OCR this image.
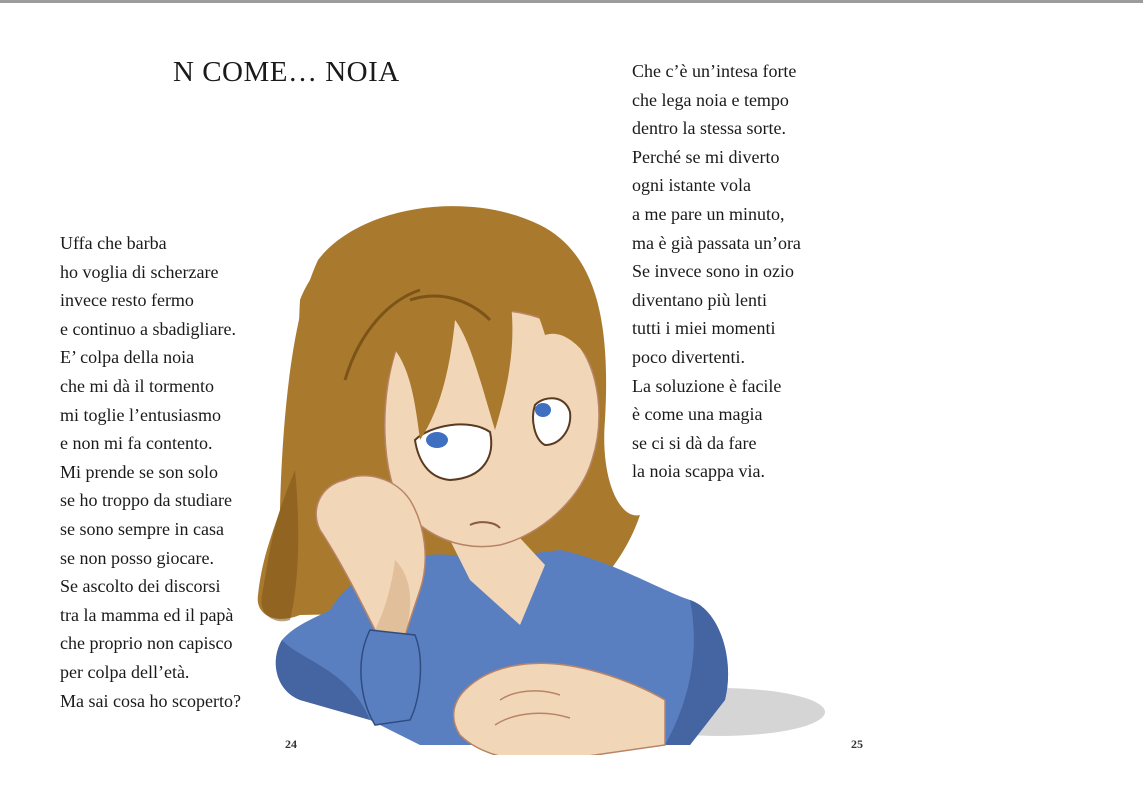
N COME… NOIA
Uffa che barba
ho voglia di scherzare
invece resto fermo
e continuo a sbadigliare.
E’ colpa della noia
che mi dà il tormento
mi toglie l’entusiasmo
e non mi fa contento.
Mi prende se son solo
se ho troppo da studiare
se sono sempre in casa
se non posso giocare.
Se ascolto dei discorsi
tra la mamma ed il papà
che proprio non capisco
per colpa dell’età.
Ma sai cosa ho scoperto?
Che c’è un’intesa forte
che lega noia e tempo
dentro la stessa sorte.
Perché se mi diverto
ogni istante vola
a me pare un minuto,
ma è già passata un’ora
Se invece sono in ozio
diventano più lenti
tutti i miei momenti
poco divertenti.
La soluzione è facile
è come una magia
se ci si dà da fare
la noia scappa via.
24	25
